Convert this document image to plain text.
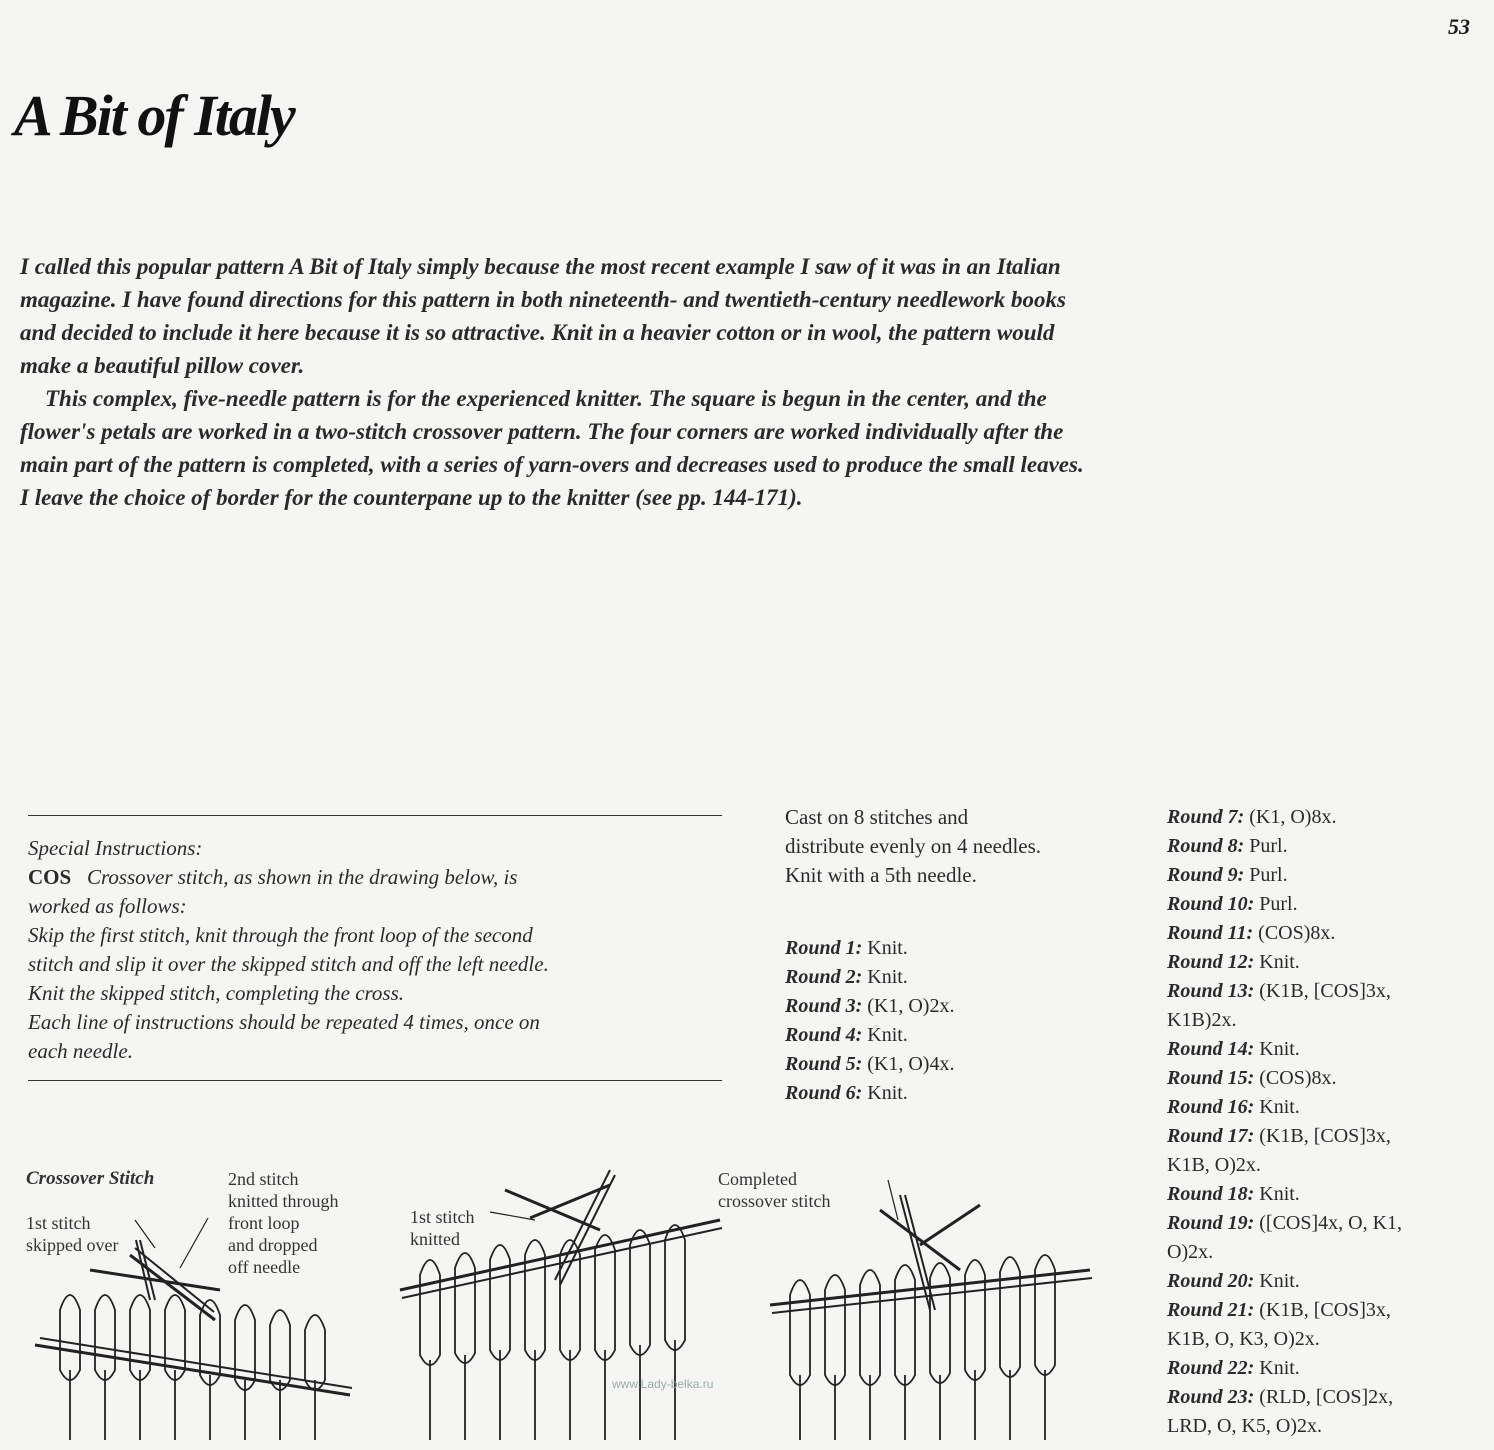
53
A Bit of Italy

I called this popular pattern A Bit of Italy simply because the most recent example I saw of it was in an Italian magazine. I have found directions for this pattern in both nineteenth- and twentieth-century needlework books and decided to include it here because it is so attractive. Knit in a heavier cotton or in wool, the pattern would make a beautiful pillow cover.

This complex, five-needle pattern is for the experienced knitter. The square is begun in the center, and the flower's petals are worked in a two-stitch crossover pattern. The four corners are worked individually after the main part of the pattern is completed, with a series of yarn-overs and decreases used to produce the small leaves. I leave the choice of border for the counterpane up to the knitter (see pp. 144-171).

Special Instructions:
COS Crossover stitch, as shown in the drawing below, is
worked as follows:
Skip the first stitch, knit through the front loop of the second
stitch and slip it over the skipped stitch and off the left needle.
Knit the skipped stitch, completing the cross.
Each line of instructions should be repeated 4 times, once on
each needle.
Cast on 8 stitches and distribute evenly on 4 needles. Knit with a 5th needle.
Round 1: Knit.
Round 2: Knit.
Round 3: (K1, O)2x.
Round 4: Knit.
Round 5: (K1, O)4x.
Round 6: Knit.
Round 7: (K1, O)8x.
Round 8: Purl.
Round 9: Purl.
Round 10: Purl.
Round 11: (COS)8x.
Round 12: Knit.
Round 13: (K1B, [COS]3x,
K1B)2x.
Round 14: Knit.
Round 15: (COS)8x.
Round 16: Knit.
Round 17: (K1B, [COS]3x,
K1B, O)2x.
Round 18: Knit.
Round 19: ([COS]4x, O, K1,
O)2x.
Round 20: Knit.
Round 21: (K1B, [COS]3x,
K1B, O, K3, O)2x.
Round 22: Knit.
Round 23: (RLD, [COS]2x,
LRD, O, K5, O)2x.
Crossover Stitch
1st stitch
skipped over
2nd stitch
knitted through
front loop
and dropped
off needle
1st stitch
knitted
Completed
crossover stitch
www.Lady-belka.ru
